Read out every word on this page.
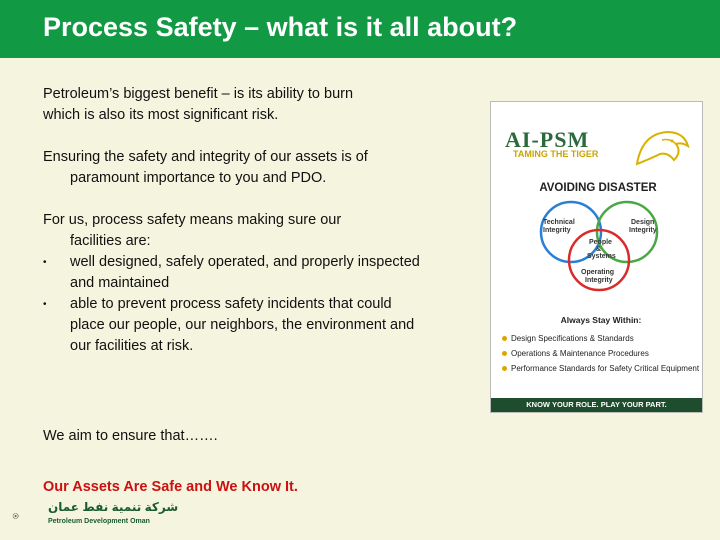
Process Safety – what is it all about?

Petroleum’s biggest benefit – is its ability to burn
which is also its most significant risk.

Ensuring the safety and integrity of our assets is of
paramount importance to you and PDO.

For us, process safety means making sure our
facilities are:
• well designed, safely operated, and properly inspected and maintained
• able to prevent process safety incidents that could place our people, our neighbors, the environment and our facilities at risk.
We aim to ensure that…….
Our Assets Are Safe and We Know It.
AI-PSM
TAMING THE TIGER
AVOIDING DISASTER
Technical
Integrity
Design
Integrity
People
&
Systems
Operating
Integrity
Always Stay Within:
Design Specifications & Standards
Operations & Maintenance Procedures
Performance Standards for Safety Critical Equipment
KNOW YOUR ROLE. PLAY YOUR PART.
شركة تنمية نفط عمان
Petroleum Development Oman
